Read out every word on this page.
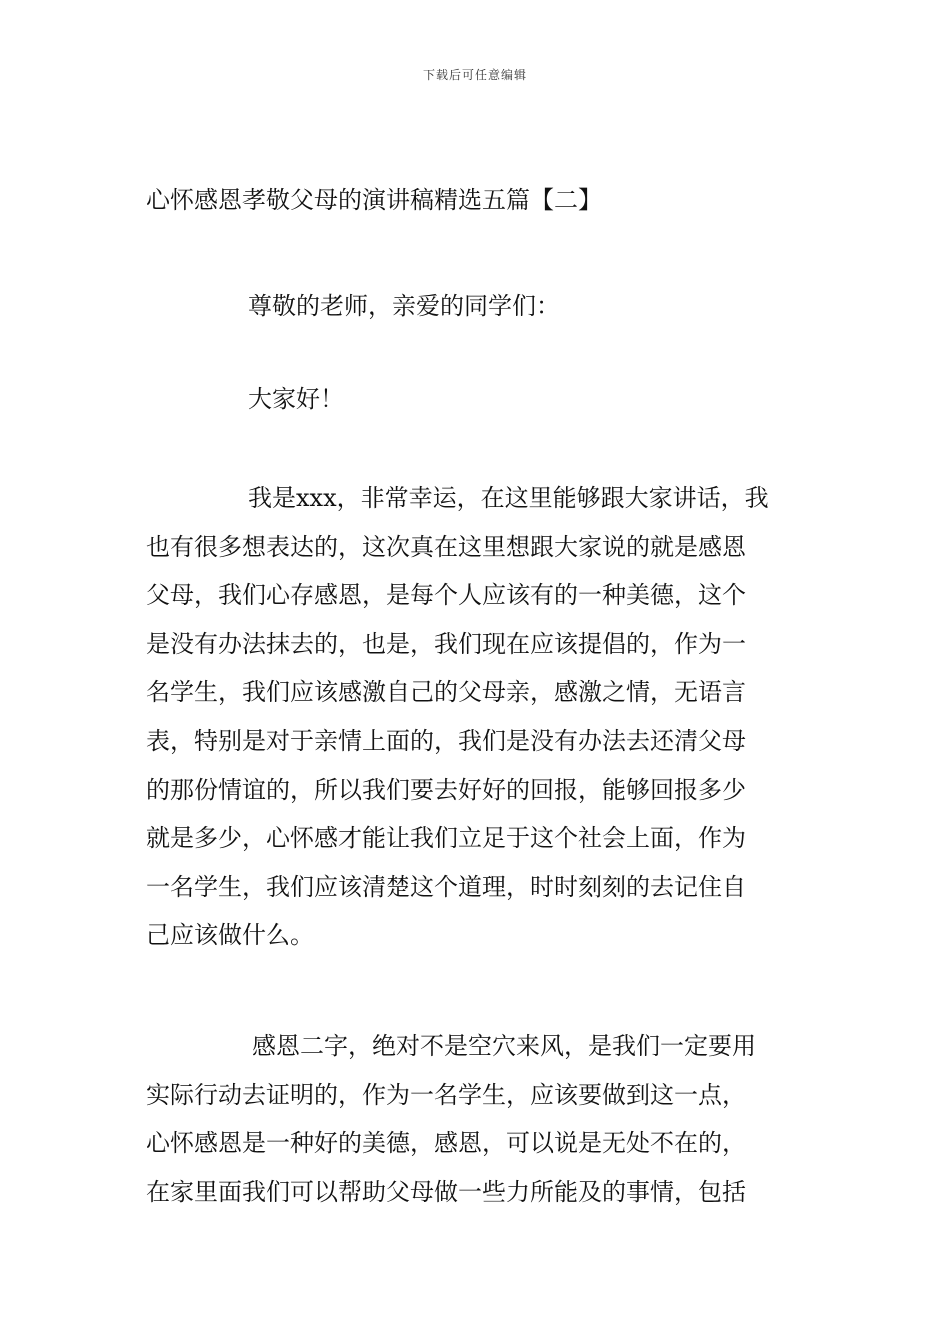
下载后可任意编辑
心怀感恩孝敬父母的演讲稿精选五篇【二】

尊敬的老师，亲爱的同学们：

大家好！

我是xxx，非常幸运，在这里能够跟大家讲话，我
也有很多想表达的，这次真在这里想跟大家说的就是感恩
父母，我们心存感恩，是每个人应该有的一种美德，这个
是没有办法抹去的，也是，我们现在应该提倡的，作为一
名学生，我们应该感激自己的父母亲，感激之情，无语言
表，特别是对于亲情上面的，我们是没有办法去还清父母
的那份情谊的，所以我们要去好好的回报，能够回报多少
就是多少，心怀感才能让我们立足于这个社会上面，作为
一名学生，我们应该清楚这个道理，时时刻刻的去记住自
己应该做什么。
感恩二字，绝对不是空穴来风，是我们一定要用
实际行动去证明的，作为一名学生，应该要做到这一点，
心怀感恩是一种好的美德，感恩，可以说是无处不在的，
在家里面我们可以帮助父母做一些力所能及的事情，包括
